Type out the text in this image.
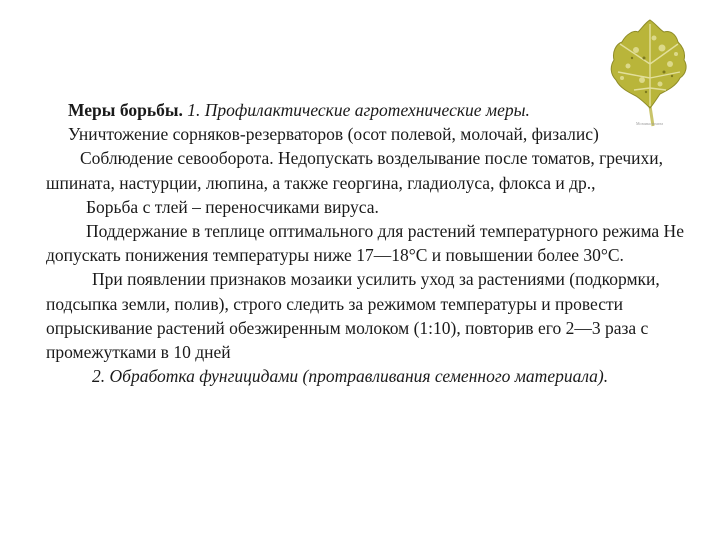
Мозаика томата

Меры борьбы. 1. Профилактические агротехнические меры.

Уничтожение сорняков-резерваторов (осот полевой, молочай, физалис)

Соблюдение севооборота. Недопускать возделывание после томатов, гречихи, шпината, настурции, люпина, а также георгина, гладиолуса, флокса и др.,

Борьба с тлей – переносчиками вируса.

Поддержание в теплице оптимального для растений температурного режима Не допускать понижения температуры ниже 17—18°С и повышении более 30°С.

При появлении признаков мозаики усилить уход за растениями (подкормки, подсыпка земли, полив), строго следить за режимом температуры и провести опрыскивание растений обезжиренным молоком (1:10), повторив его 2—3 раза с промежутками в 10 дней

2. Обработка фунгицидами (протравливания семенного материала).
